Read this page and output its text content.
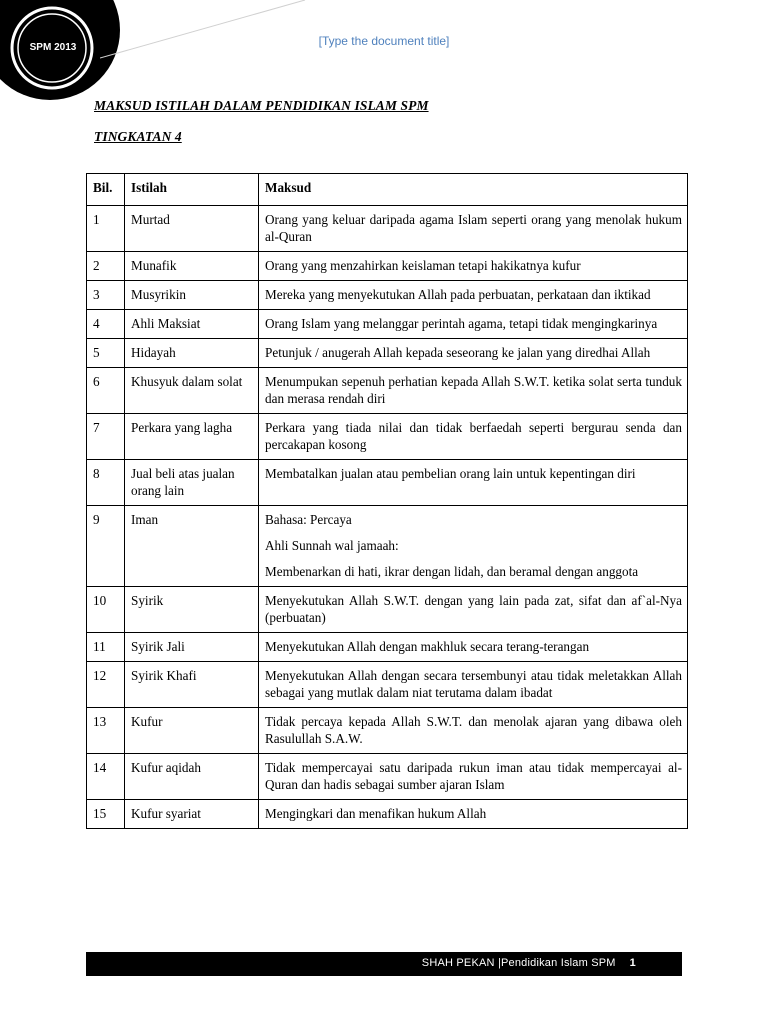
SPM 2013	[Type the document title]
MAKSUD ISTILAH DALAM PENDIDIKAN ISLAM SPM
TINGKATAN 4
Bil.	Istilah	Maksud
1	Murtad	Orang yang keluar daripada agama Islam seperti orang yang menolak hukum al-Quran

2	Munafik	Orang yang menzahirkan keislaman tetapi hakikatnya kufur

3	Musyrikin	Mereka yang menyekutukan Allah pada perbuatan, perkataan dan iktikad

4	Ahli Maksiat	Orang Islam yang melanggar perintah agama, tetapi tidak mengingkarinya

5	Hidayah	Petunjuk / anugerah Allah kepada seseorang ke jalan yang diredhai Allah

6	Khusyuk dalam solat	Menumpukan sepenuh perhatian kepada Allah S.W.T. ketika solat serta tunduk dan merasa rendah diri

7	Perkara yang lagha	Perkara yang tiada nilai dan tidak berfaedah seperti bergurau senda dan percakapan kosong

8	Jual beli atas jualan orang lain	Membatalkan jualan atau pembelian orang lain untuk kepentingan diri

9	Iman	Bahasa: Percaya

Ahli Sunnah wal jamaah:

Membenarkan di hati, ikrar dengan lidah, dan beramal dengan anggota

10	Syirik	Menyekutukan Allah S.W.T. dengan yang lain pada zat, sifat dan af`al-Nya (perbuatan)

11	Syirik Jali	Menyekutukan Allah dengan makhluk secara terang-terangan

12	Syirik Khafi	Menyekutukan Allah dengan secara tersembunyi atau tidak meletakkan Allah sebagai yang mutlak dalam niat terutama dalam ibadat

13	Kufur	Tidak percaya kepada Allah S.W.T. dan menolak ajaran yang dibawa oleh Rasulullah S.A.W.

14	Kufur aqidah	Tidak mempercayai satu daripada rukun iman atau tidak mempercayai al-Quran dan hadis sebagai sumber ajaran Islam

15	Kufur syariat	Mengingkari dan menafikan hukum Allah

SHAH PEKAN |Pendidikan Islam SPM 1
